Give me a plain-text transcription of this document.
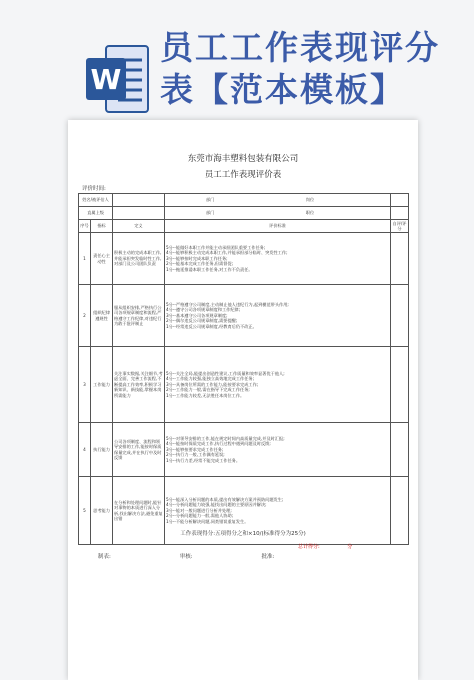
W
员工工作表现评分
表【范本模板】
东莞市海丰塑料包装有限公司
员工工作表现评价表
评价时间:
姓名/被评估人			部门 岗位	
直属上级			部门 职位	
序号	指标	定义	评价标准	自评/评分
1	责任心主动性	积极主动的完成本职工作,并能承担突发临时性工作,对部门及公司团队负责	5分--能做好本职工作并能主动承担团队重要工作任务;

4分--能够积极主动完成本职工作,并能承担部分临时、突发性工作;

3分--能够按时完成本职工作任务;

2分--能基本完成工作任务,但需督促;

1分--拖延推诿本职工作任务,对工作不负责任。	

2	组织纪律遵规性	服从组织安排,严格执行公司各项规章制度和流程,严格遵守工作纪律,对违纪行为敢于批评制止	5分--严格遵守公司制度,主动制止他人违纪行为,起到模范带头作用;

4分--遵守公司各项规章制度和工作纪律;

3分--基本遵守公司各项规章制度;

2分--偶尔违反公司规章制度,需要提醒;

1分--经常违反公司规章制度,经教育后仍不改正。	

3	工作能力	关注事实数据,关注细节,考虑全面、完善工作流程,不断提高工作效率,积极学习新知识、新技能,掌握本岗所需能力	5分--关注全局,能提出创造性建议,工作质量和效率显著优于他人;

4分--工作能力较强,能独立高效地完成工作任务;

3分--具备岗位所需的工作能力,能按要求完成工作;

2分--工作能力一般,需在指导下完成工作任务;

1分--工作能力较差,无法胜任本岗位工作。	

4	执行能力	公司各项制度、流程和领导安排的工作,能按时保质保量完成,并在执行中及时反馈	5分--对领导安排的工作,能在规定时间内高质量完成,并及时汇报;

4分--能按时保质完成工作,执行过程中遇到问题及时反馈;

3分--能够按要求完成工作任务;

2分--执行力一般,工作偶有延误;

1分--执行力差,经常不能完成工作任务。	

5	思考能力	在分析和处理问题时,能针对事物的本质进行深入分析,找出解决方法,避免重复出错	5分--能深入分析问题的本质,提出有效解决方案并预防问题发生;

4分--分析问题能力较强,能找出问题的主要原因并解决;

3分--能对一般问题进行分析并处理;

2分--分析问题能力一般,需他人协助;

1分--不能分析解决问题,同类错误重复发生。	

工作表现得分:五项得分之和×10/(标准得分为25分)
总计得分:	分
制表:	审核:	批准:
